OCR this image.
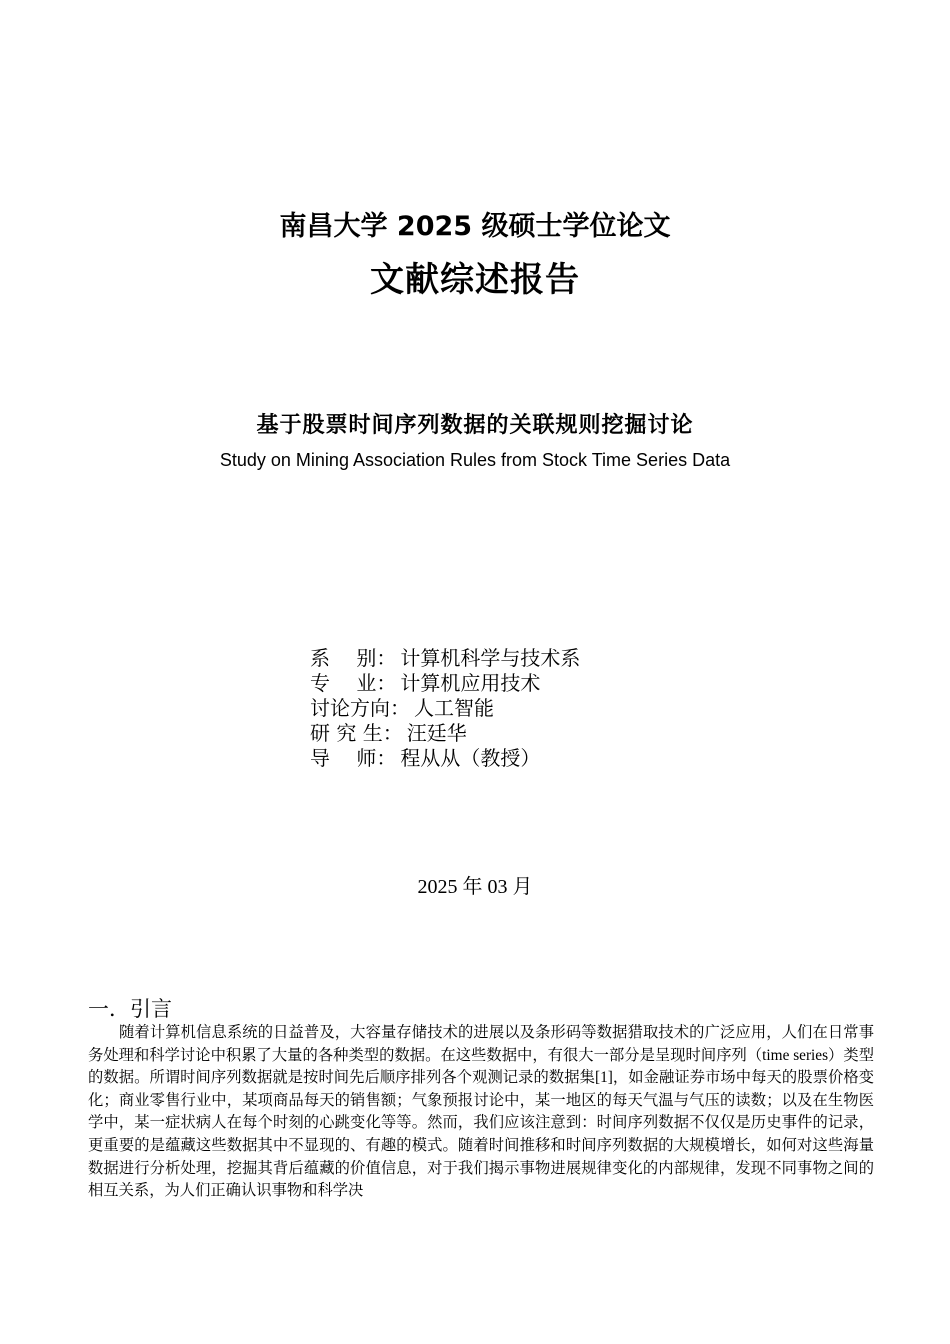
南昌大学 2025 级硕士学位论文
文献综述报告
基于股票时间序列数据的关联规则挖掘讨论
Study on Mining Association Rules from Stock Time Series Data
系　 别 ： 计算机科学与技术系
专　 业 ： 计算机应用技术
讨论方向 ： 人工智能
研 究 生 ： 汪廷华
导　 师 ： 程从从（教授）
2025 年 03 月
一．引言

随着计算机信息系统的日益普及，大容量存储技术的进展以及条形码等数据猎取技术的广泛应用，人们在日常事务处理和科学讨论中积累了大量的各种类型的数据。在这些数据中，有很大一部分是呈现时间序列（time series）类型的数据。所谓时间序列数据就是按时间先后顺序排列各个观测记录的数据集[1]，如金融证券市场中每天的股票价格变化；商业零售行业中，某项商品每天的销售额；气象预报讨论中，某一地区的每天气温与气压的读数；以及在生物医学中，某一症状病人在每个时刻的心跳变化等等。然而，我们应该注意到：时间序列数据不仅仅是历史事件的记录，更重要的是蕴藏这些数据其中不显现的、有趣的模式。随着时间推移和时间序列数据的大规模增长，如何对这些海量数据进行分析处理，挖掘其背后蕴藏的价值信息，对于我们揭示事物进展规律变化的内部规律，发现不同事物之间的相互关系，为人们正确认识事物和科学决
